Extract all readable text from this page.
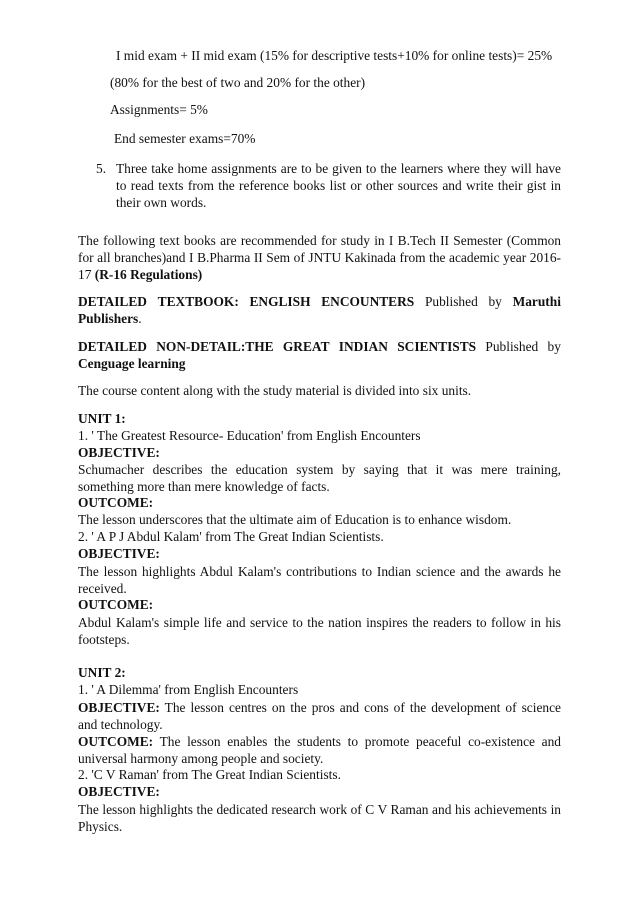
I mid exam + II mid exam (15% for descriptive tests+10% for online tests)= 25%
(80% for the best of two and 20% for the other)
Assignments= 5%
End semester exams=70%
5. Three take home assignments are to be given to the learners where they will have to read texts from the reference books list or other sources and write their gist in their own words.
The following text books are recommended for study in I B.Tech II Semester (Common for all branches)and I B.Pharma II Sem of JNTU Kakinada from the academic year 2016-17 (R-16 Regulations)
DETAILED TEXTBOOK: ENGLISH ENCOUNTERS Published by Maruthi
Publishers.
DETAILED NON-DETAIL:THE GREAT INDIAN SCIENTISTS Published by
Cenguage learning
The course content along with the study material is divided into six units.
UNIT 1:
1. ' The Greatest Resource- Education' from English Encounters
OBJECTIVE:
Schumacher describes the education system by saying that it was mere training, something more than mere knowledge of facts.
OUTCOME:
The lesson underscores that the ultimate aim of Education is to enhance wisdom.
2. ' A P J Abdul Kalam' from The Great Indian Scientists.
OBJECTIVE:
The lesson highlights Abdul Kalam's contributions to Indian science and the awards he received.
OUTCOME:
Abdul Kalam's simple life and service to the nation inspires the readers to follow in his footsteps.
UNIT 2:
1. ' A Dilemma' from English Encounters
OBJECTIVE: The lesson centres on the pros and cons of the development of science and technology.
OUTCOME: The lesson enables the students to promote peaceful co-existence and universal harmony among people and society.
2. 'C V Raman' from The Great Indian Scientists.
OBJECTIVE:
The lesson highlights the dedicated research work of C V Raman and his achievements in Physics.
